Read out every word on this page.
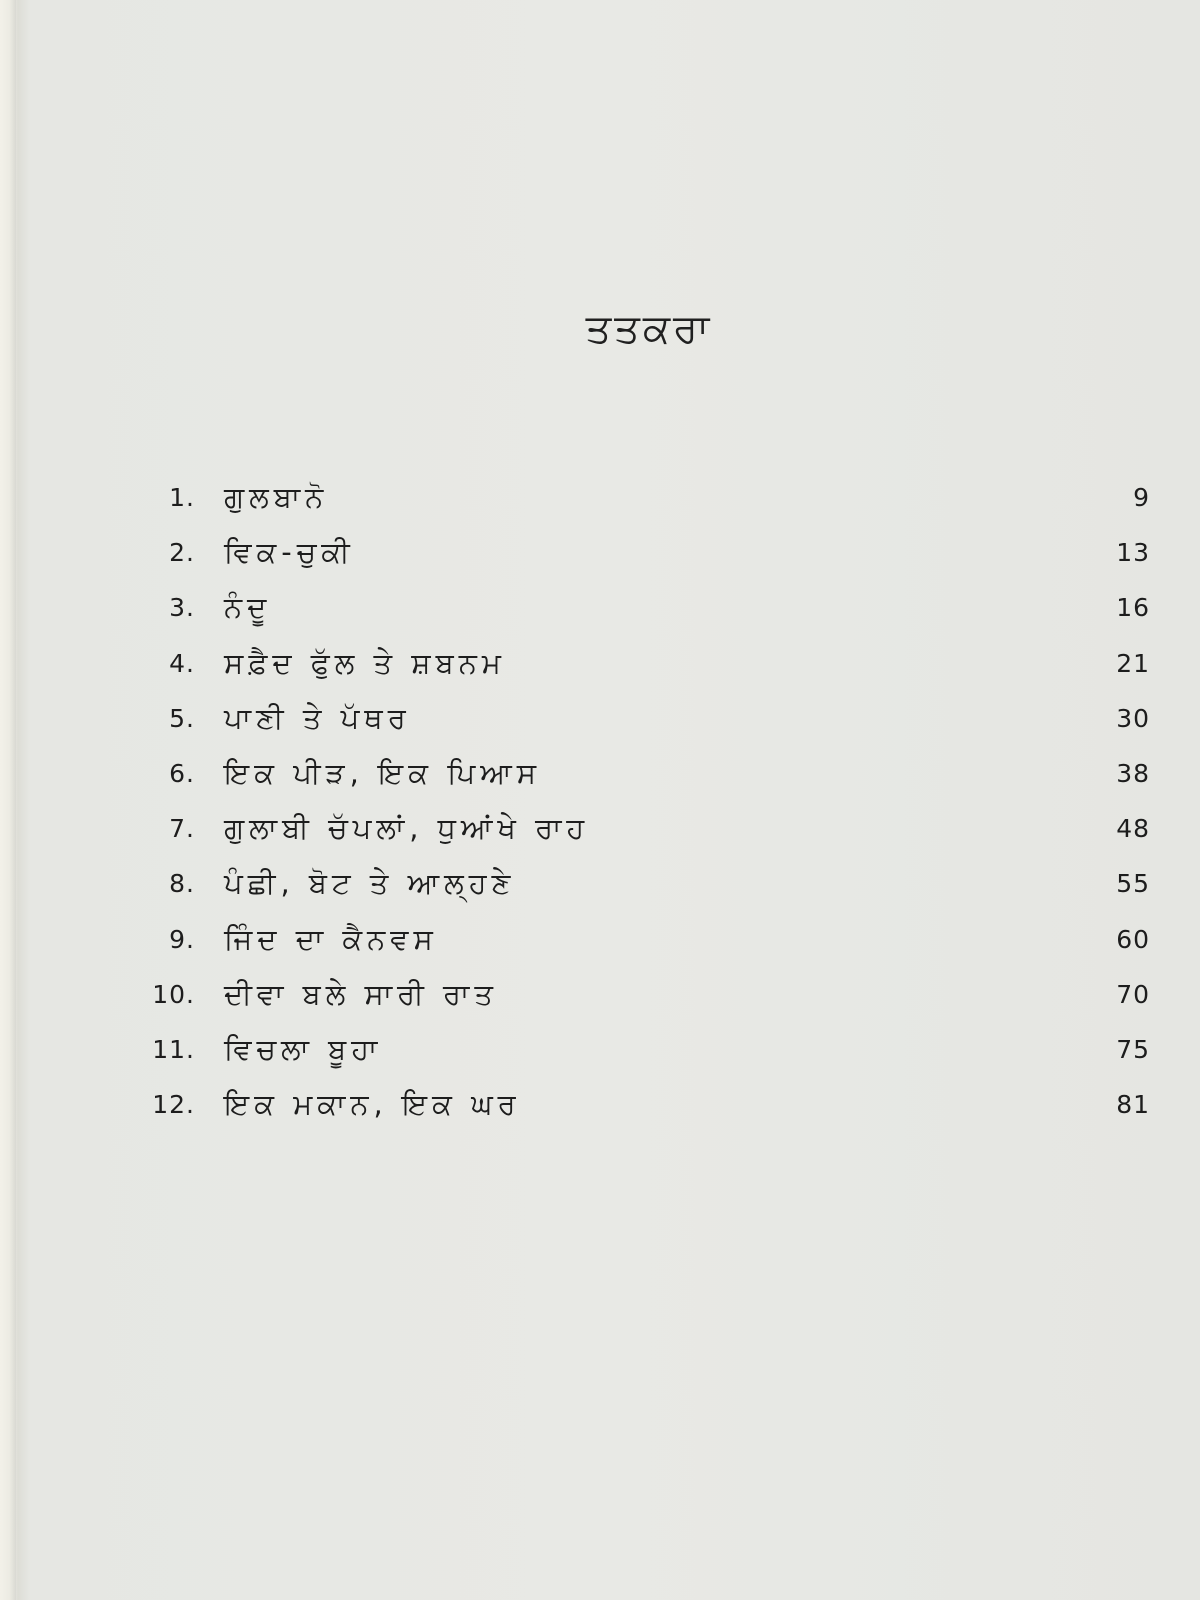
ਤਤਕਰਾ
1. ਗੁਲਬਾਨੋ	9
2. ਵਿਕ-ਚੁਕੀ	13
3. ਨੰਦੂ	16
4. ਸਫ਼ੈਦ ਫੁੱਲ ਤੇ ਸ਼ਬਨਮ	21
5. ਪਾਣੀ ਤੇ ਪੱਥਰ	30
6. ਇਕ ਪੀੜ, ਇਕ ਪਿਆਸ	38
7. ਗੁਲਾਬੀ ਚੱਪਲਾਂ, ਧੁਆਂਖੇ ਰਾਹ	48
8. ਪੰਛੀ, ਬੋਟ ਤੇ ਆਲ੍ਹਣੇ	55
9. ਜਿੰਦ ਦਾ ਕੈਨਵਸ	60
10. ਦੀਵਾ ਬਲੇ ਸਾਰੀ ਰਾਤ	70
11. ਵਿਚਲਾ ਬੂਹਾ	75
12. ਇਕ ਮਕਾਨ, ਇਕ ਘਰ	81
